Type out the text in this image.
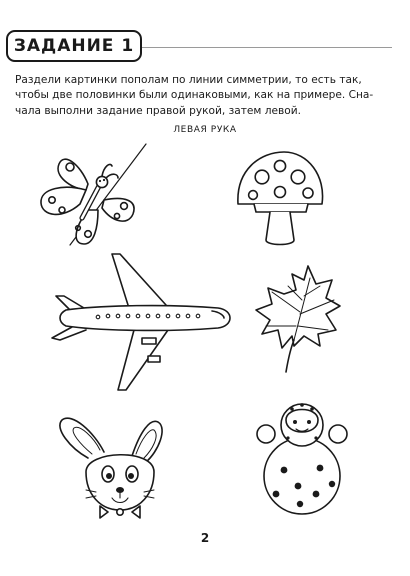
ЗАДАНИЕ 1
Раздели картинки пополам по линии симметрии, то есть так,
чтобы две половинки были одинаковыми, как на примере. Сна-
чала выполни задание правой рукой, затем левой.
ЛЕВАЯ РУКА
2
